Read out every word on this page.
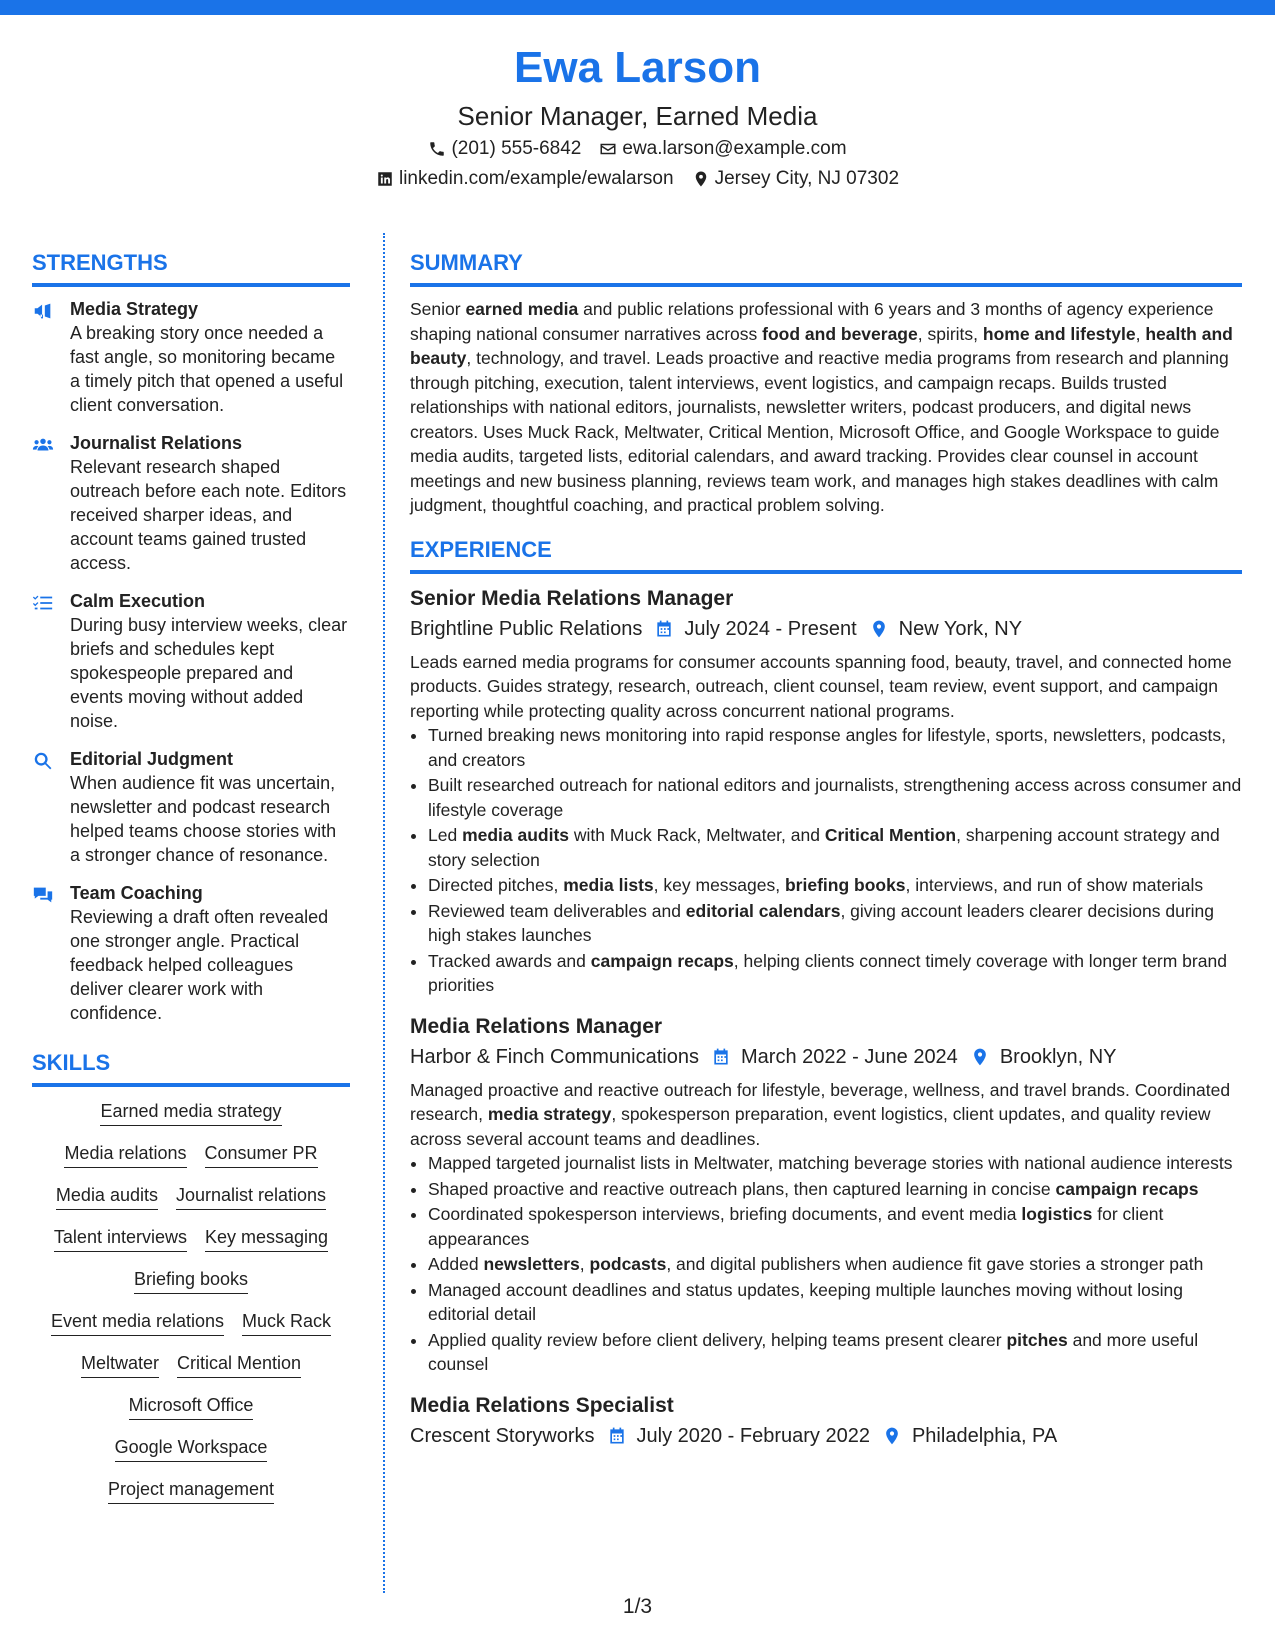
Ewa Larson
Senior Manager, Earned Media
(201) 555-6842 ewa.larson@example.com
linkedin.com/example/ewalarson Jersey City, NJ 07302
STRENGTHS
Media Strategy
A breaking story once needed a fast angle, so monitoring became a timely pitch that opened a useful client conversation.
Journalist Relations
Relevant research shaped outreach before each note. Editors received sharper ideas, and account teams gained trusted access.
Calm Execution
During busy interview weeks, clear briefs and schedules kept spokespeople prepared and events moving without added noise.
Editorial Judgment
When audience fit was uncertain, newsletter and podcast research helped teams choose stories with a stronger chance of resonance.
Team Coaching
Reviewing a draft often revealed one stronger angle. Practical feedback helped colleagues deliver clearer work with confidence.
SKILLS
Earned media strategy
Media relations Consumer PR
Media audits Journalist relations
Talent interviews Key messaging
Briefing books
Event media relations Muck Rack
Meltwater Critical Mention
Microsoft Office
Google Workspace
Project management
SUMMARY
Senior earned media and public relations professional with 6 years and 3 months of agency experience shaping national consumer narratives across food and beverage, spirits, home and lifestyle, health and beauty, technology, and travel. Leads proactive and reactive media programs from research and planning through pitching, execution, talent interviews, event logistics, and campaign recaps. Builds trusted relationships with national editors, journalists, newsletter writers, podcast producers, and digital news creators. Uses Muck Rack, Meltwater, Critical Mention, Microsoft Office, and Google Workspace to guide media audits, targeted lists, editorial calendars, and award tracking. Provides clear counsel in account meetings and new business planning, reviews team work, and manages high stakes deadlines with calm judgment, thoughtful coaching, and practical problem solving.
EXPERIENCE
Senior Media Relations Manager
Brightline Public Relations July 2024 - Present New York, NY
Leads earned media programs for consumer accounts spanning food, beauty, travel, and connected home products. Guides strategy, research, outreach, client counsel, team review, event support, and campaign reporting while protecting quality across concurrent national programs.
• Turned breaking news monitoring into rapid response angles for lifestyle, sports, newsletters, podcasts, and creators
• Built researched outreach for national editors and journalists, strengthening access across consumer and lifestyle coverage
• Led media audits with Muck Rack, Meltwater, and Critical Mention, sharpening account strategy and story selection
• Directed pitches, media lists, key messages, briefing books, interviews, and run of show materials
• Reviewed team deliverables and editorial calendars, giving account leaders clearer decisions during high stakes launches
• Tracked awards and campaign recaps, helping clients connect timely coverage with longer term brand priorities
Media Relations Manager
Harbor & Finch Communications March 2022 - June 2024 Brooklyn, NY
Managed proactive and reactive outreach for lifestyle, beverage, wellness, and travel brands. Coordinated research, media strategy, spokesperson preparation, event logistics, client updates, and quality review across several account teams and deadlines.
• Mapped targeted journalist lists in Meltwater, matching beverage stories with national audience interests
• Shaped proactive and reactive outreach plans, then captured learning in concise campaign recaps
• Coordinated spokesperson interviews, briefing documents, and event media logistics for client appearances
• Added newsletters, podcasts, and digital publishers when audience fit gave stories a stronger path
• Managed account deadlines and status updates, keeping multiple launches moving without losing editorial detail
• Applied quality review before client delivery, helping teams present clearer pitches and more useful counsel
Media Relations Specialist
Crescent Storyworks July 2020 - February 2022 Philadelphia, PA
1/3
